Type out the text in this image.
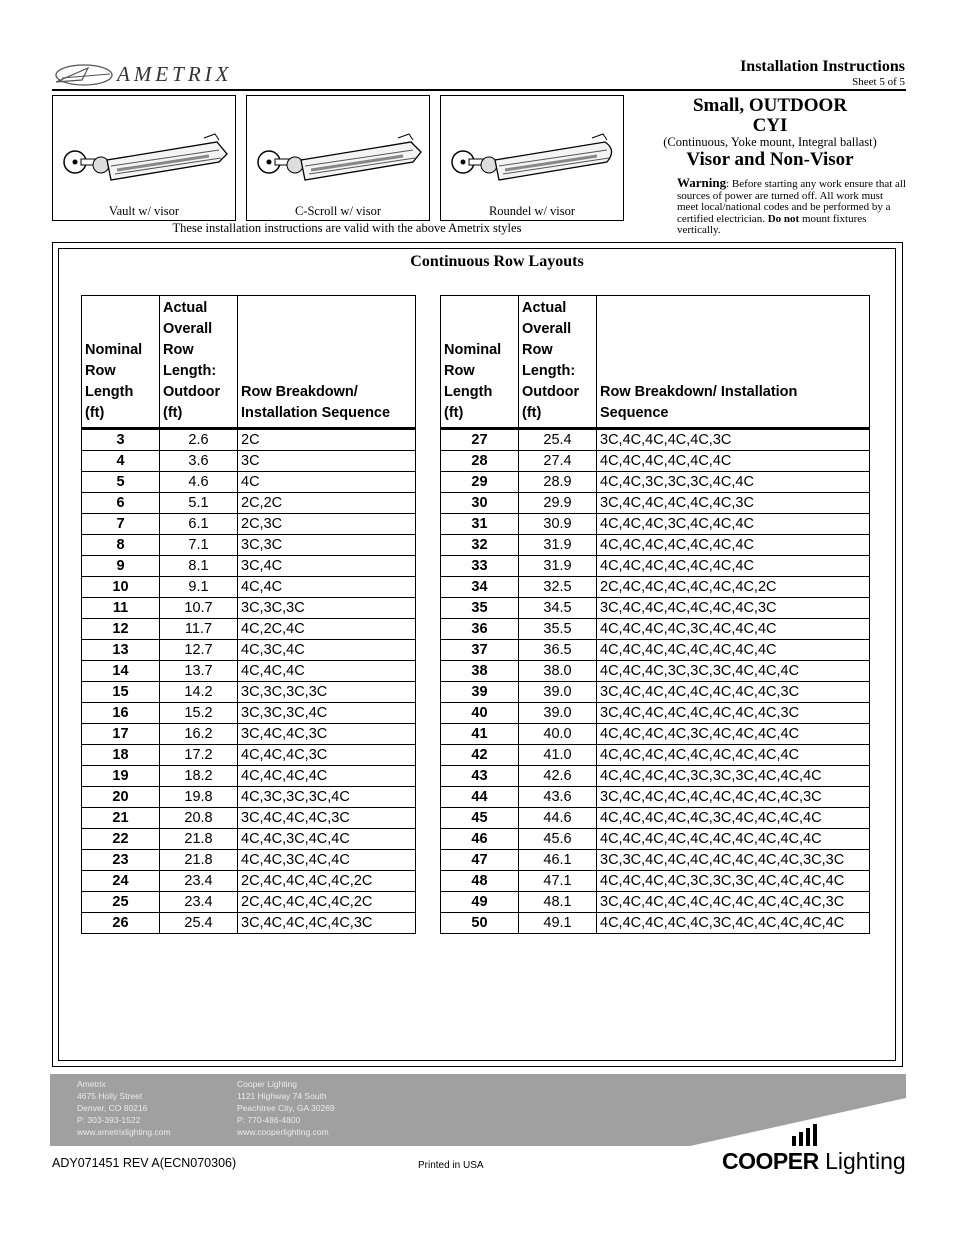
AMETRIX	Installation Instructions
Sheet 5 of 5
Vault w/ visor	C-Scroll w/ visor	Roundel w/ visor
These installation instructions are valid with the above Ametrix styles
Small, OUTDOOR
CYI
(Continuous, Yoke mount, Integral ballast)
Visor and Non-Visor
Warning: Before starting any work ensure that all sources of power are turned off. All work must meet local/national codes and be performed by a certified electrician. Do not mount fixtures vertically.
Continuous Row Layouts
Nominal Row Length (ft)	Actual Overall Row Length: Outdoor (ft)	Row Breakdown/ Installation Sequence
3	2.6	2C
4	3.6	3C
5	4.6	4C
6	5.1	2C,2C
7	6.1	2C,3C
8	7.1	3C,3C
9	8.1	3C,4C
10	9.1	4C,4C
11	10.7	3C,3C,3C
12	11.7	4C,2C,4C
13	12.7	4C,3C,4C
14	13.7	4C,4C,4C
15	14.2	3C,3C,3C,3C
16	15.2	3C,3C,3C,4C
17	16.2	3C,4C,4C,3C
18	17.2	4C,4C,4C,3C
19	18.2	4C,4C,4C,4C
20	19.8	4C,3C,3C,3C,4C
21	20.8	3C,4C,4C,4C,3C
22	21.8	4C,4C,3C,4C,4C
23	21.8	4C,4C,3C,4C,4C
24	23.4	2C,4C,4C,4C,4C,2C
25	23.4	2C,4C,4C,4C,4C,2C
26	25.4	3C,4C,4C,4C,4C,3C
Nominal Row Length (ft)	Actual Overall Row Length: Outdoor (ft)	Row Breakdown/ Installation Sequence
27	25.4	3C,4C,4C,4C,4C,3C
28	27.4	4C,4C,4C,4C,4C,4C
29	28.9	4C,4C,3C,3C,3C,4C,4C
30	29.9	3C,4C,4C,4C,4C,4C,3C
31	30.9	4C,4C,4C,3C,4C,4C,4C
32	31.9	4C,4C,4C,4C,4C,4C,4C
33	31.9	4C,4C,4C,4C,4C,4C,4C
34	32.5	2C,4C,4C,4C,4C,4C,4C,2C
35	34.5	3C,4C,4C,4C,4C,4C,4C,3C
36	35.5	4C,4C,4C,4C,3C,4C,4C,4C
37	36.5	4C,4C,4C,4C,4C,4C,4C,4C
38	38.0	4C,4C,4C,3C,3C,3C,4C,4C,4C
39	39.0	3C,4C,4C,4C,4C,4C,4C,4C,3C
40	39.0	3C,4C,4C,4C,4C,4C,4C,4C,3C
41	40.0	4C,4C,4C,4C,3C,4C,4C,4C,4C
42	41.0	4C,4C,4C,4C,4C,4C,4C,4C,4C
43	42.6	4C,4C,4C,4C,3C,3C,3C,4C,4C,4C
44	43.6	3C,4C,4C,4C,4C,4C,4C,4C,4C,3C
45	44.6	4C,4C,4C,4C,4C,3C,4C,4C,4C,4C
46	45.6	4C,4C,4C,4C,4C,4C,4C,4C,4C,4C
47	46.1	3C,3C,4C,4C,4C,4C,4C,4C,4C,3C,3C
48	47.1	4C,4C,4C,4C,3C,3C,3C,4C,4C,4C,4C
49	48.1	3C,4C,4C,4C,4C,4C,4C,4C,4C,4C,3C
50	49.1	4C,4C,4C,4C,4C,3C,4C,4C,4C,4C,4C
Ametrix
4675 Holly Street
Denver, CO 80216
P: 303-393-1522
www.ametrixlighting.com
Cooper Lighting
1121 Highway 74 South
Peachtree City, GA 30269
P: 770-486-4800
www.cooperlighting.com
ADY071451 REV A(ECN070306)	Printed in USA	COOPER Lighting
